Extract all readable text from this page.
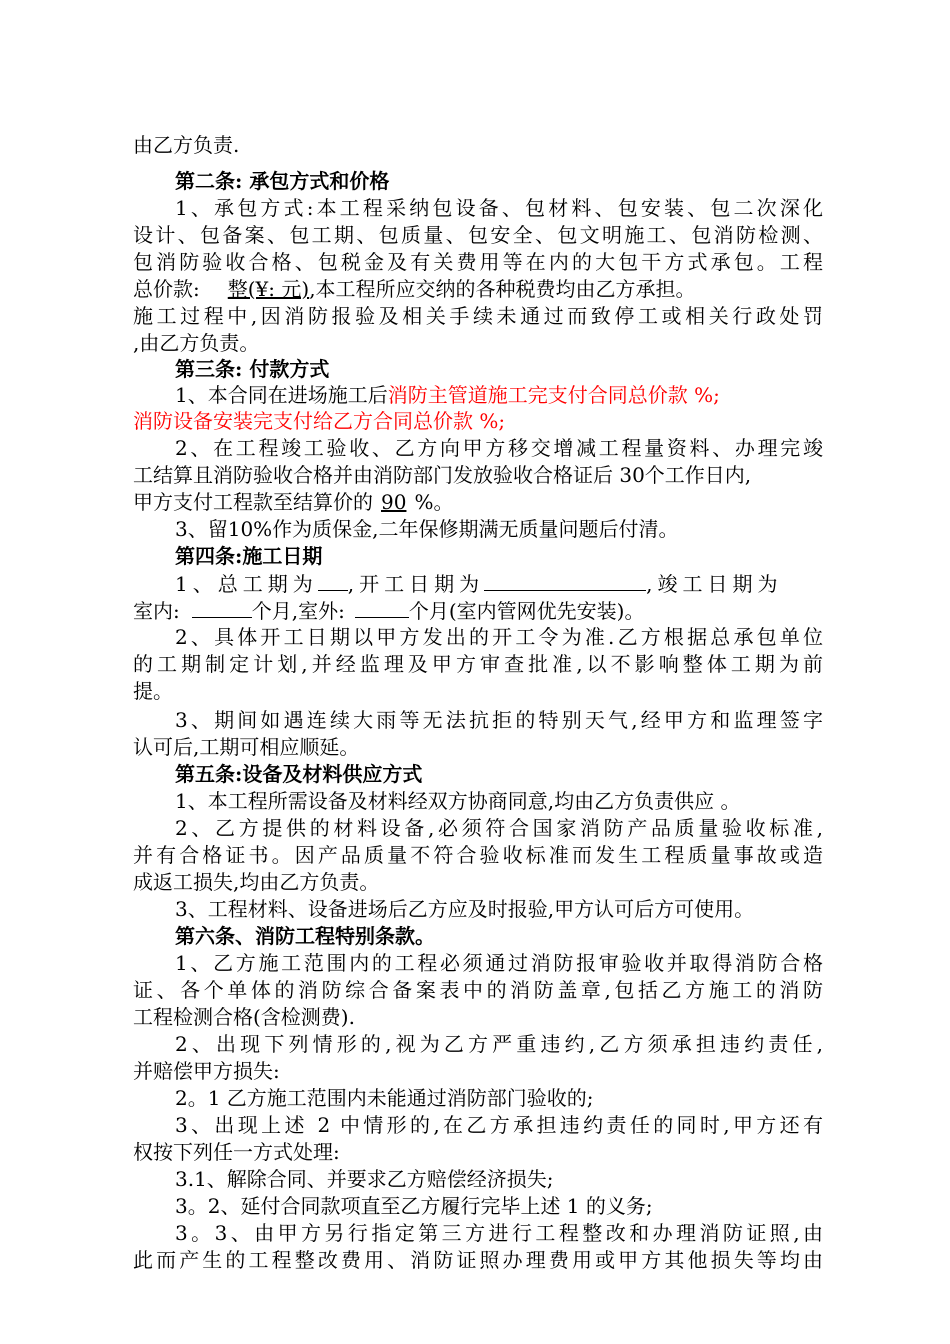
由乙方负责.
第二条: 承包方式和价格
1、承包方式:本工程采纳包设备、包材料、包安装、包二次深化
设计、包备案、包工期、包质量、包安全、包文明施工、包消防检测、
包消防验收合格、包税金及有关费用等在内的大包干方式承包。工程
总价款: 整(¥: 元),本工程所应交纳的各种税费均由乙方承担。
施工过程中,因消防报验及相关手续未通过而致停工或相关行政处罚
,由乙方负责。
第三条: 付款方式
1、本合同在进场施工后消防主管道施工完支付合同总价款 %;
消防设备安装完支付给乙方合同总价款 %;
2、在工程竣工验收、乙方向甲方移交增减工程量资料、办理完竣
工结算且消防验收合格并由消防部门发放验收合格证后 30个工作日内,
甲方支付工程款至结算价的 90 %。
3、留10%作为质保金,二年保修期满无质量问题后付清。
第四条:施工日期
1、总工期为 ,开工日期为	,竣工日期为
室内:	个月,室外:	个月(室内管网优先安装)。
2、具体开工日期以甲方发出的开工令为准.乙方根据总承包单位
的工期制定计划,并经监理及甲方审查批准,以不影响整体工期为前
提。
3、期间如遇连续大雨等无法抗拒的特别天气,经甲方和监理签字
认可后,工期可相应顺延。
第五条:设备及材料供应方式
1、本工程所需设备及材料经双方协商同意,均由乙方负责供应 。
2、乙方提供的材料设备,必须符合国家消防产品质量验收标准,
并有合格证书。因产品质量不符合验收标准而发生工程质量事故或造
成返工损失,均由乙方负责。
3、工程材料、设备进场后乙方应及时报验,甲方认可后方可使用。
第六条、消防工程特别条款。
1、乙方施工范围内的工程必须通过消防报审验收并取得消防合格
证、各个单体的消防综合备案表中的消防盖章,包括乙方施工的消防
工程检测合格(含检测费).
2、出现下列情形的,视为乙方严重违约,乙方须承担违约责任,
并赔偿甲方损失:
2。1 乙方施工范围内未能通过消防部门验收的;
3、出现上述 2 中情形的,在乙方承担违约责任的同时,甲方还有
权按下列任一方式处理:
3.1、解除合同、并要求乙方赔偿经济损失;
3。2、延付合同款项直至乙方履行完毕上述 1 的义务;
3。3、由甲方另行指定第三方进行工程整改和办理消防证照,由
此而产生的工程整改费用、消防证照办理费用或甲方其他损失等均由
